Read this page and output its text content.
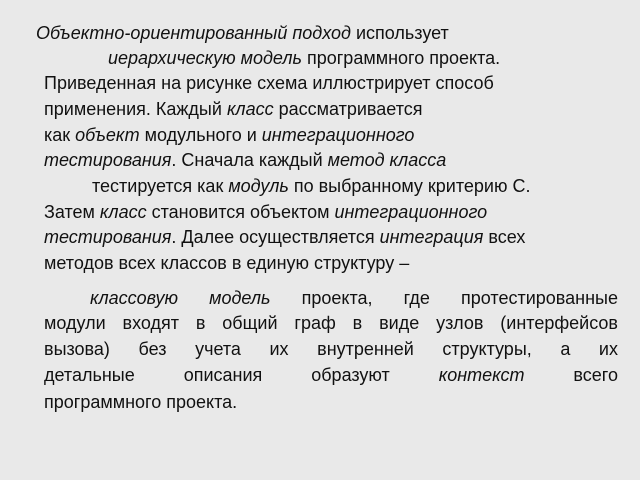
Объектно-ориентированный подход использует
иерархическую модель программного проекта.
Приведенная на рисунке схема иллюстрирует способ
применения. Каждый класс рассматривается
как объект модульного и интеграционного
тестирования. Сначала каждый метод класса
тестируется как модуль по выбранному критерию C.
Затем класс становится объектом интеграционного
тестирования. Далее осуществляется интеграция всех
методов всех классов в единую структуру –
классовую модель проекта, где протестированные
модули входят в общий граф в виде узлов (интерфейсов
вызова) без учета их внутренней структуры, а их
детальные описания образуют контекст всего
программного проекта.
